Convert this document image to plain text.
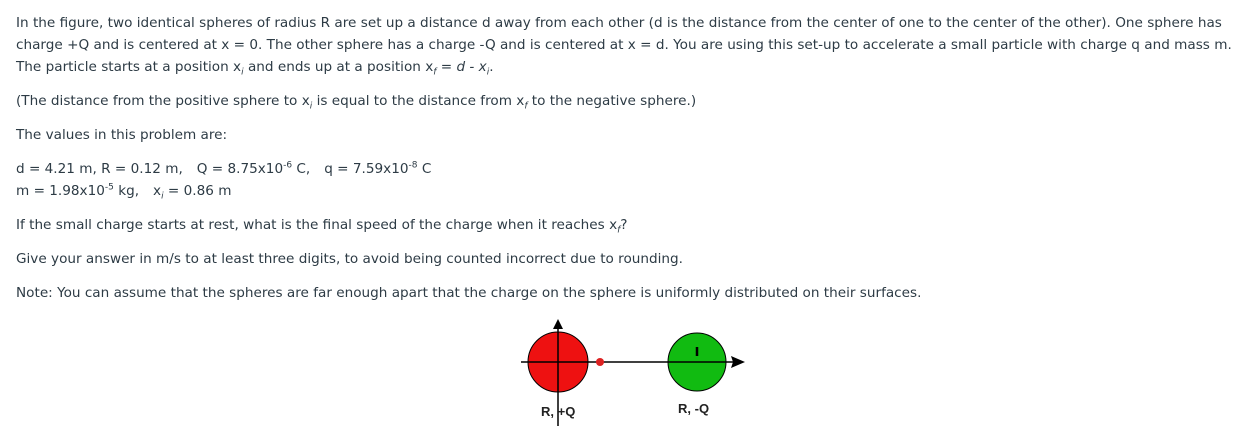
In the figure, two identical spheres of radius R are set up a distance d away from each other (d is the distance from the center of one to the center of the other). One sphere has charge +Q and is centered at x = 0. The other sphere has a charge -Q and is centered at x = d. You are using this set-up to accelerate a small particle with charge q and mass m. The particle starts at a position $x_i$ and ends up at a position $x_f = d - x_i$.

(The distance from the positive sphere to $x_i$ is equal to the distance from $x_f$ to the negative sphere.)

The values in this problem are:

d = 4.21 m, R = 0.12 m, $Q = 8.75x10^{-6}$ C, $q = 7.59x10^{-8}$ C

$m = 1.98x10^{-5}$ kg, $x_i = 0.86$ m

If the small charge starts at rest, what is the final speed of the charge when it reaches $x_f$?

Give your answer in m/s to at least three digits, to avoid being counted incorrect due to rounding.

Note: You can assume that the spheres are far enough apart that the charge on the sphere is uniformly distributed on their surfaces.

R, +Q	R, -Q
